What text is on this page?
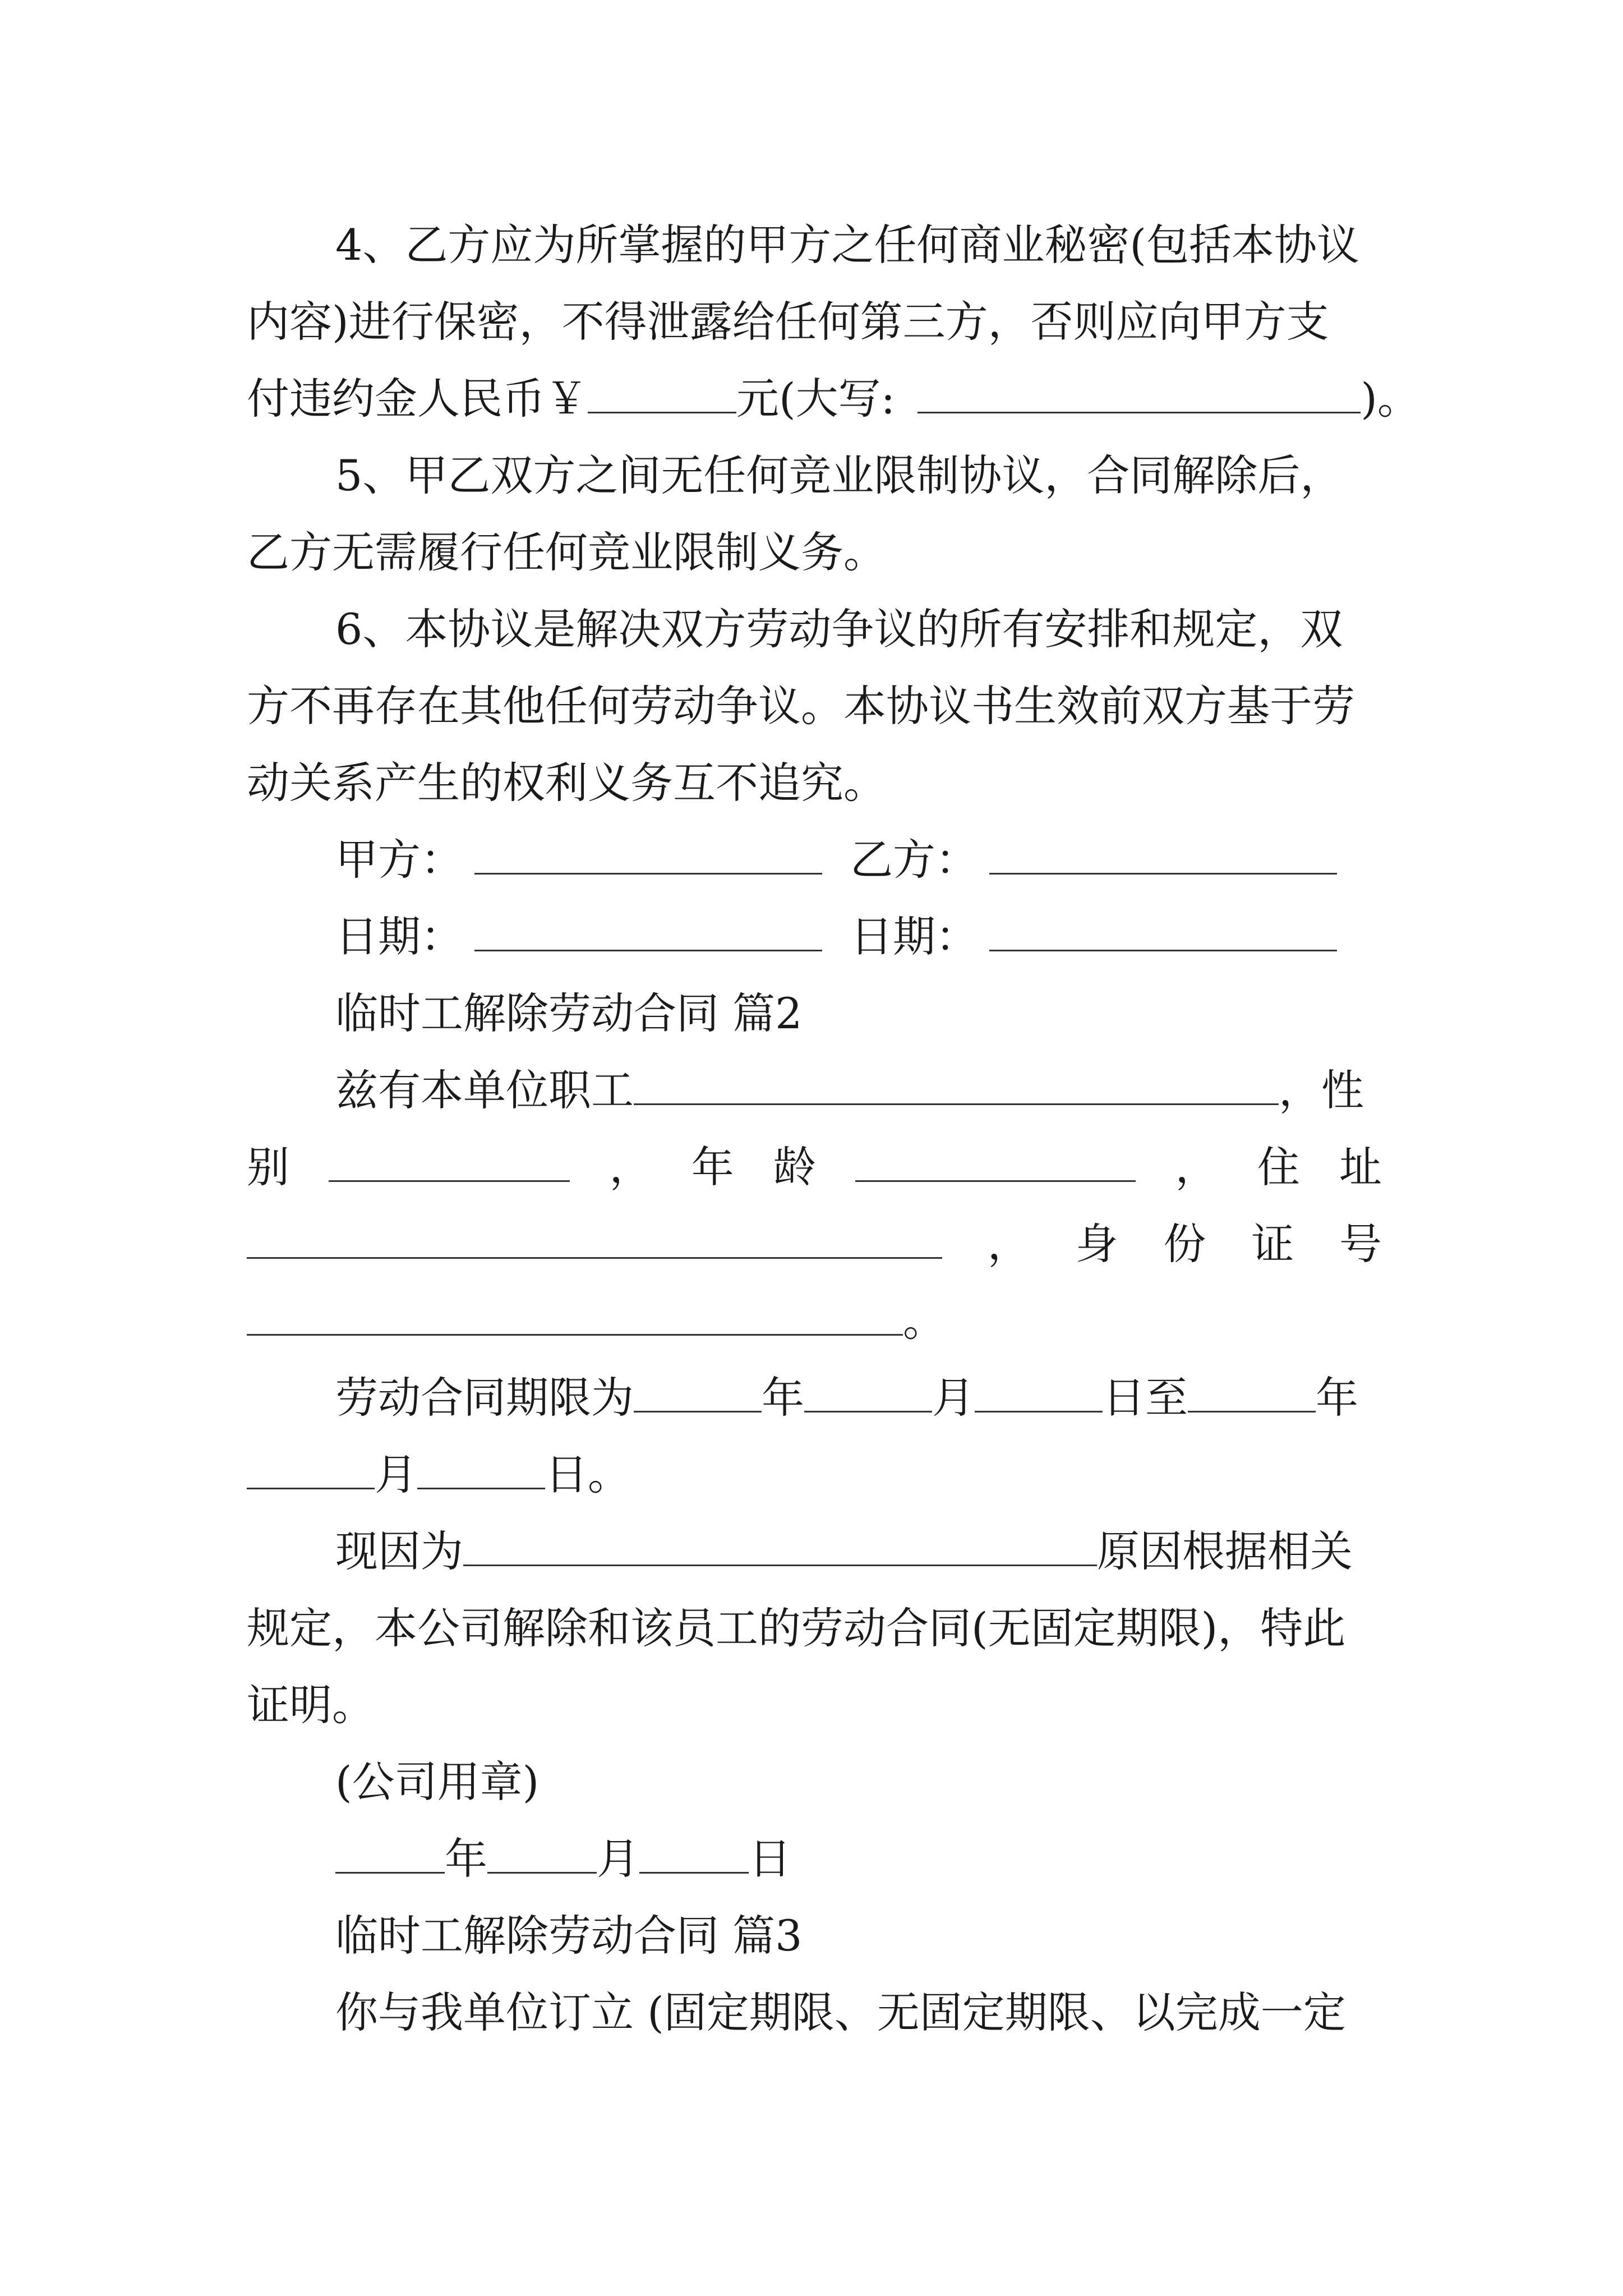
4、乙方应为所掌握的甲方之任何商业秘密(包括本协议
内容)进行保密，不得泄露给任何第三方，否则应向甲方支
付违约金人民币￥	元(大写:	)。
5、甲乙双方之间无任何竞业限制协议，合同解除后，
乙方无需履行任何竞业限制义务。
6、本协议是解决双方劳动争议的所有安排和规定，双
方不再存在其他任何劳动争议。本协议书生效前双方基于劳
动关系产生的权利义务互不追究。
甲方：	乙方：
日期：	日期：
临时工解除劳动合同 篇2
兹有本单位职工	，性
别	， 年 龄	， 住 址
， 身 份 证 号
。
劳动合同期限为	年	月	日至	年
月	日。
现因为	原因根据相关
规定，本公司解除和该员工的劳动合同(无固定期限)，特此
证明。
(公司用章)
年	月	日
临时工解除劳动合同 篇3
你与我单位订立 (固定期限、无固定期限、以完成一定
